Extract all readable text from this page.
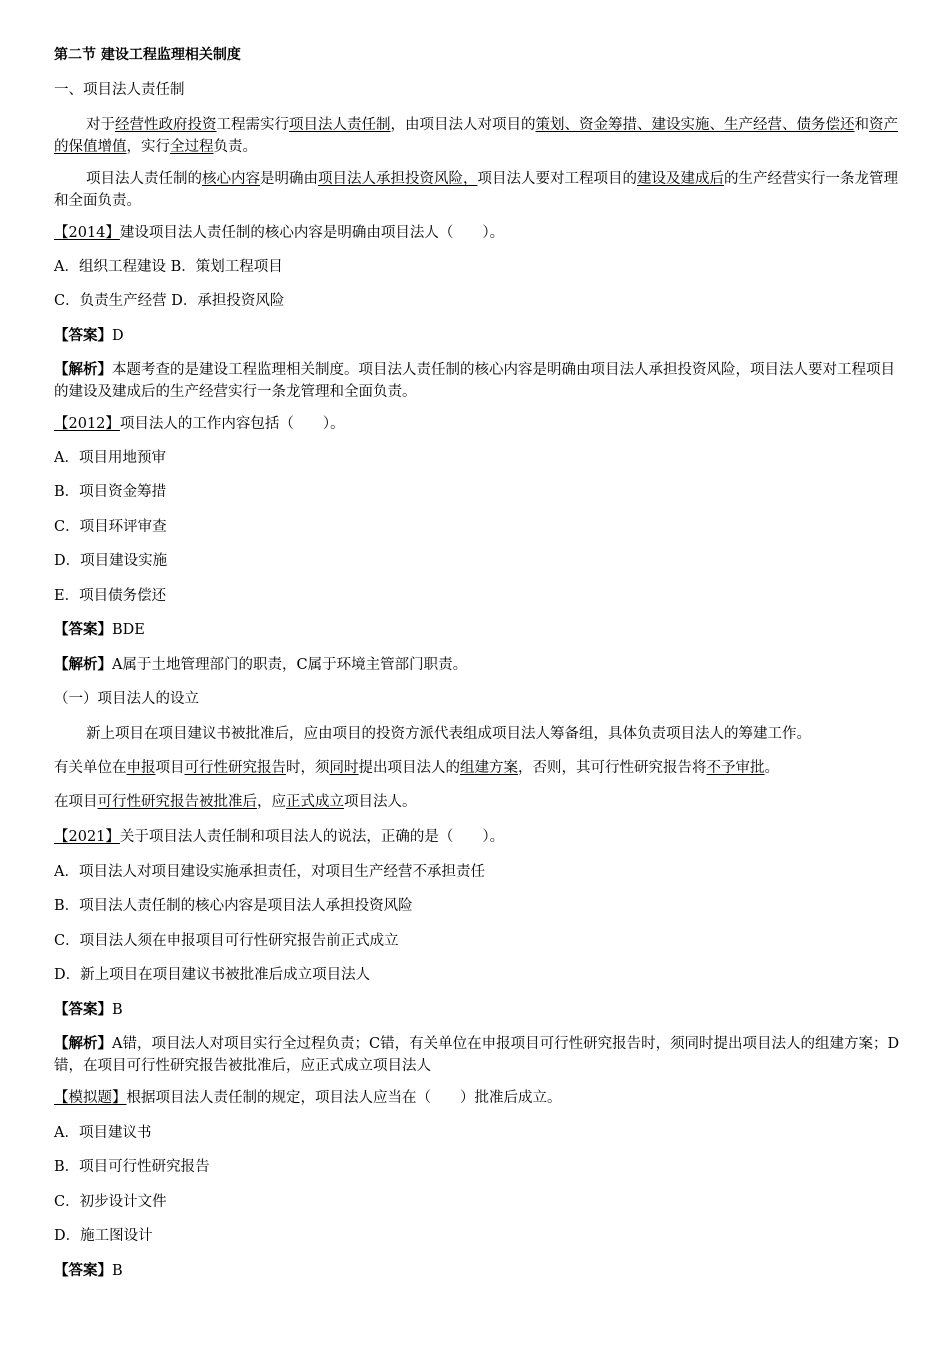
第二节 建设工程监理相关制度

一、项目法人责任制

对于经营性政府投资工程需实行项目法人责任制，由项目法人对项目的策划、资金筹措、建设实施、生产经营、债务偿还和资产的保值增值，实行全过程负责。

项目法人责任制的核心内容是明确由项目法人承担投资风险，项目法人要对工程项目的建设及建成后的生产经营实行一条龙管理和全面负责。

【2014】建设项目法人责任制的核心内容是明确由项目法人（　　）。

A．组织工程建设 B．策划工程项目

C．负责生产经营 D．承担投资风险

【答案】D

【解析】本题考查的是建设工程监理相关制度。项目法人责任制的核心内容是明确由项目法人承担投资风险，项目法人要对工程项目的建设及建成后的生产经营实行一条龙管理和全面负责。

【2012】项目法人的工作内容包括（　　）。

A．项目用地预审

B．项目资金筹措

C．项目环评审查

D．项目建设实施

E．项目债务偿还

【答案】BDE

【解析】A属于土地管理部门的职责，C属于环境主管部门职责。

（一）项目法人的设立

新上项目在项目建议书被批准后，应由项目的投资方派代表组成项目法人筹备组，具体负责项目法人的筹建工作。

有关单位在申报项目可行性研究报告时，须同时提出项目法人的组建方案，否则，其可行性研究报告将不予审批。

在项目可行性研究报告被批准后，应正式成立项目法人。

【2021】关于项目法人责任制和项目法人的说法，正确的是（　　）。

A．项目法人对项目建设实施承担责任，对项目生产经营不承担责任

B．项目法人责任制的核心内容是项目法人承担投资风险

C．项目法人须在申报项目可行性研究报告前正式成立

D．新上项目在项目建议书被批准后成立项目法人

【答案】B

【解析】A错，项目法人对项目实行全过程负责；C错，有关单位在申报项目可行性研究报告时，须同时提出项目法人的组建方案；D错，在项目可行性研究报告被批准后，应正式成立项目法人

【模拟题】根据项目法人责任制的规定，项目法人应当在（　　）批准后成立。

A．项目建议书

B．项目可行性研究报告

C．初步设计文件

D．施工图设计

【答案】B
